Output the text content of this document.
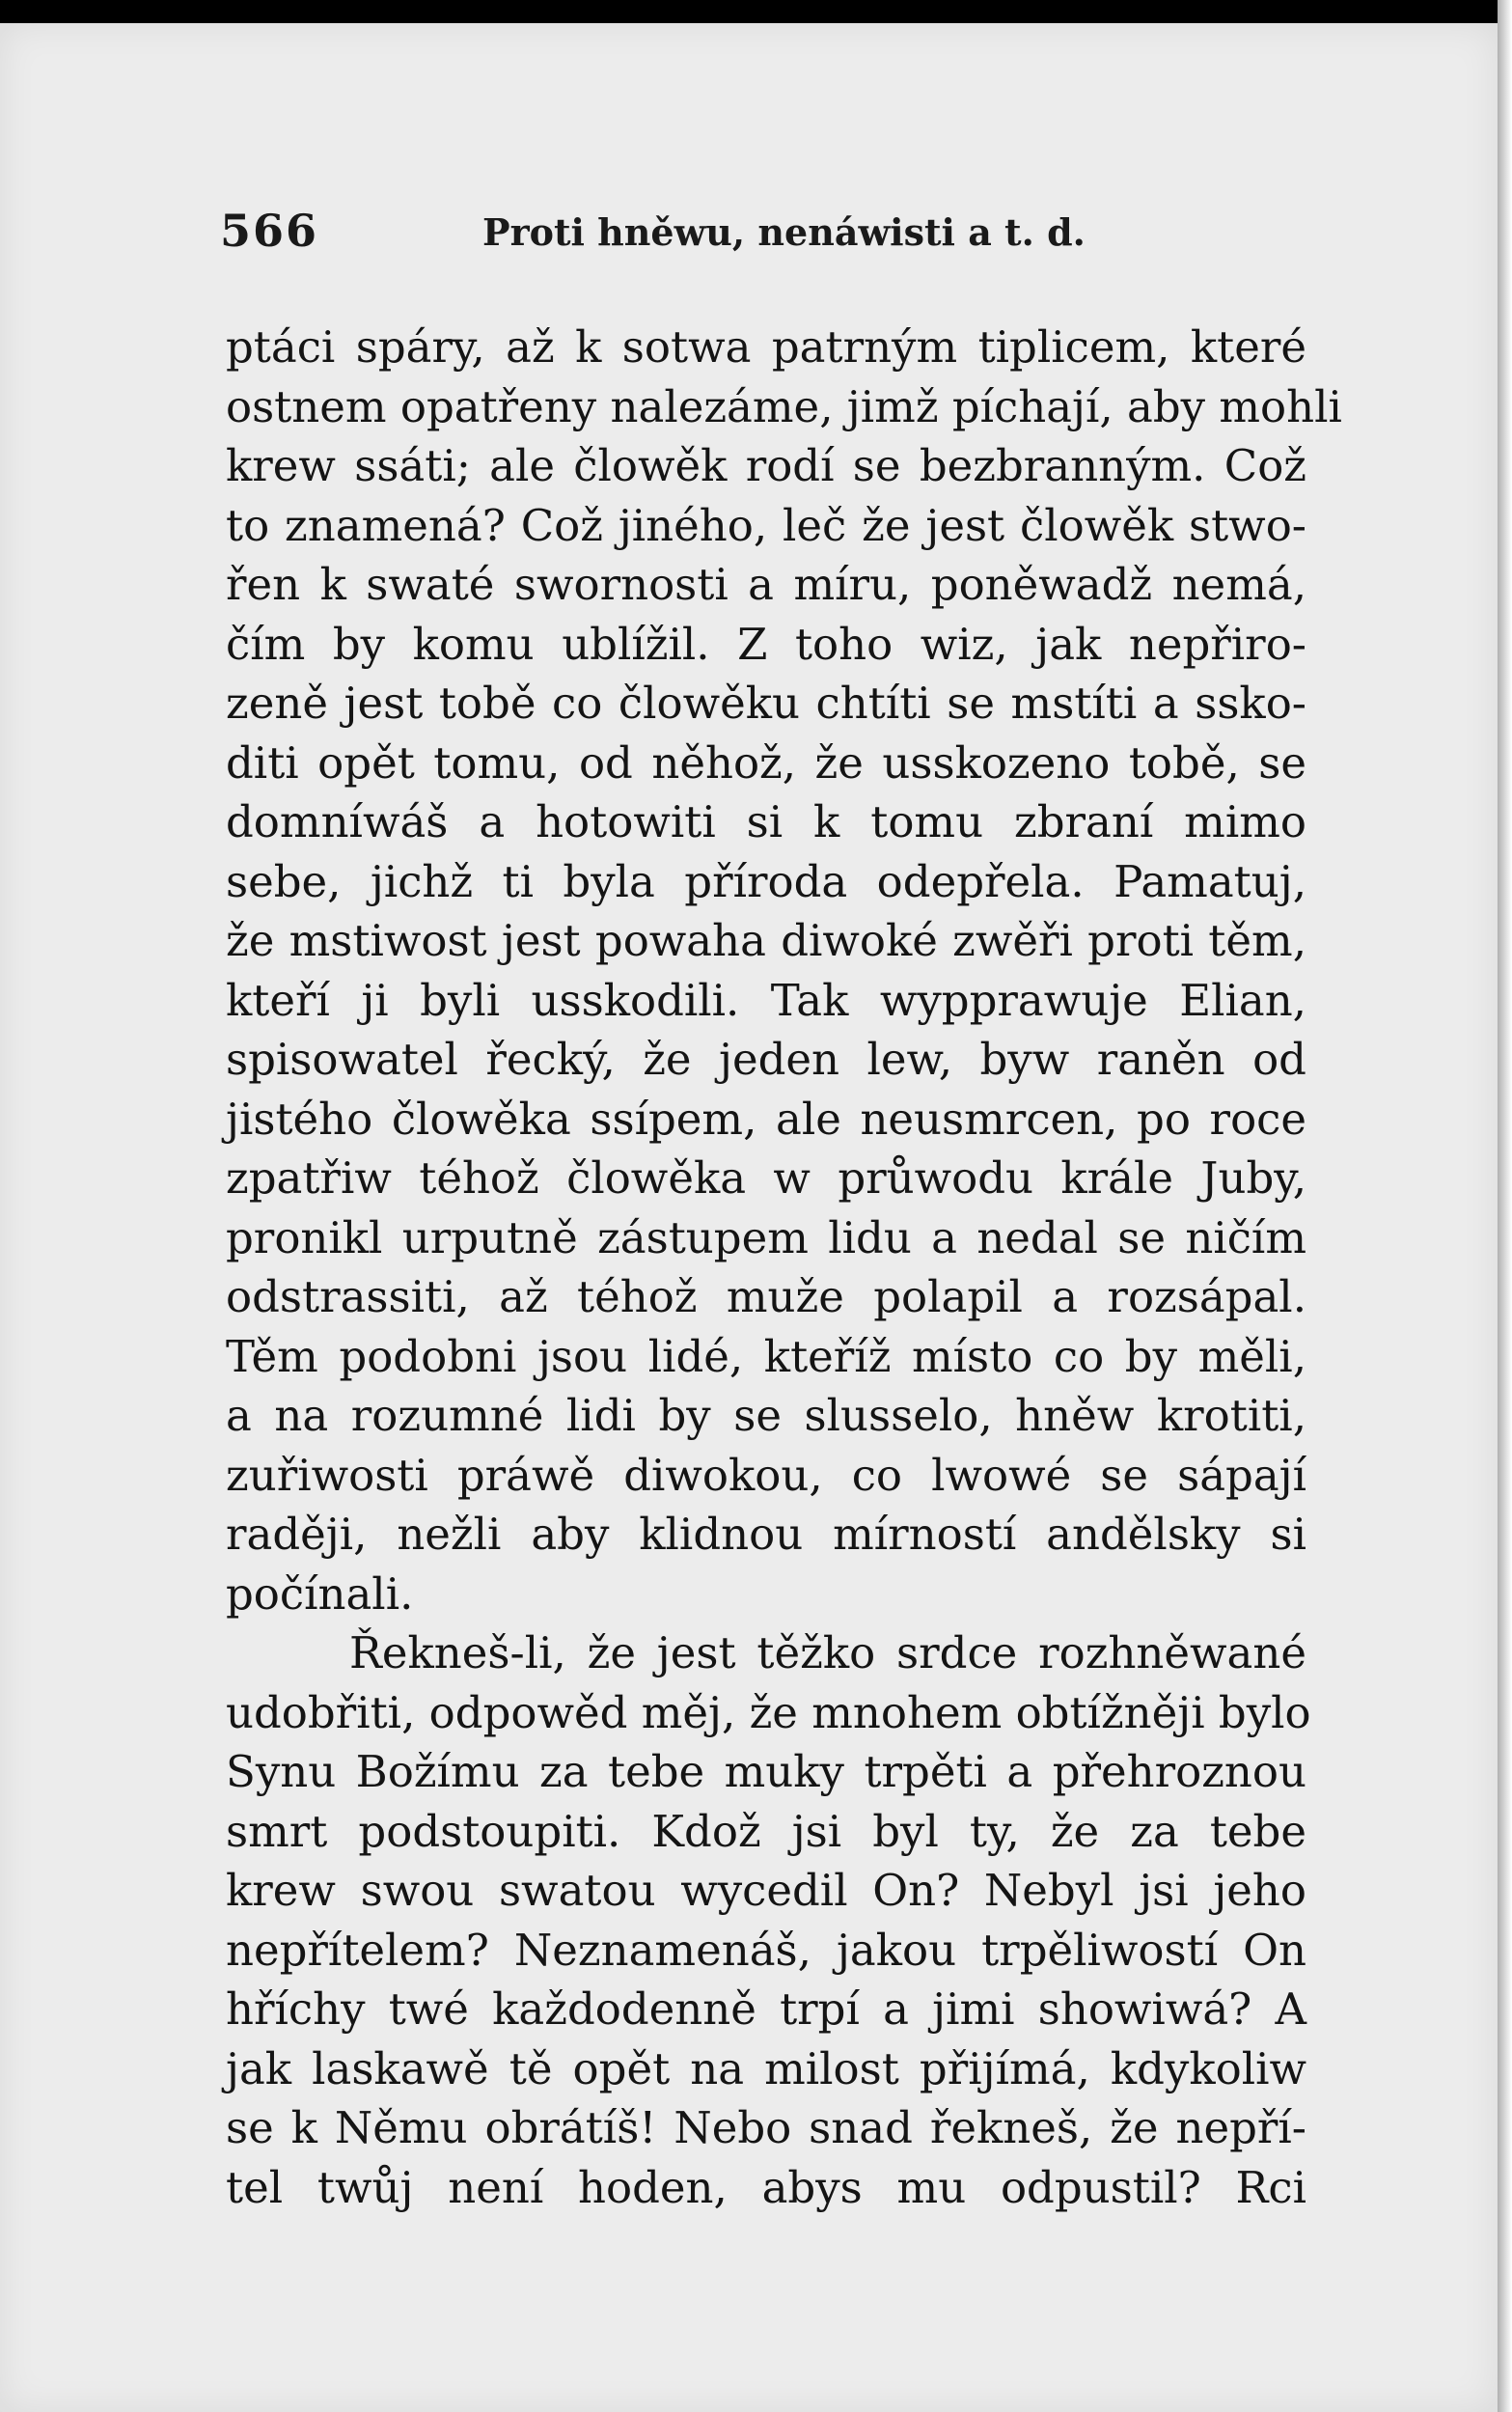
566	Proti hněwu, nenáwisti a t. d.
ptáci spáry, až k sotwa patrným tiplicem, které
ostnem opatřeny nalezáme, jimž píchají, aby mohli
krew ssáti; ale člowěk rodí se bezbranným. Což
to znamená? Což jiného, leč že jest člowěk stwo-
řen k swaté swornosti a míru, poněwadž nemá,
čím by komu ublížil. Z toho wiz, jak nepřiro-
zeně jest tobě co člowěku chtíti se mstíti a ssko-
diti opět tomu, od něhož, že usskozeno tobě, se
domníwáš a hotowiti si k tomu zbraní mimo
sebe, jichž ti byla příroda odepřela. Pamatuj,
že mstiwost jest powaha diwoké zwěři proti těm,
kteří ji byli usskodili. Tak wypprawuje Elian,
spisowatel řecký, že jeden lew, byw raněn od
jistého člowěka ssípem, ale neusmrcen, po roce
zpatřiw téhož člowěka w průwodu krále Juby,
pronikl urputně zástupem lidu a nedal se ničím
odstrassiti, až téhož muže polapil a rozsápal.
Těm podobni jsou lidé, kteříž místo co by měli,
a na rozumné lidi by se slusselo, hněw krotiti,
zuřiwosti práwě diwokou, co lwowé se sápají
raději, nežli aby klidnou mírností andělsky si
počínali.
Řekneš-li, že jest těžko srdce rozhněwané
udobřiti, odpowěd měj, že mnohem obtížněji bylo
Synu Božímu za tebe muky trpěti a přehroznou
smrt podstoupiti. Kdož jsi byl ty, že za tebe
krew swou swatou wycedil On? Nebyl jsi jeho
nepřítelem? Neznamenáš, jakou trpěliwostí On
hříchy twé každodenně trpí a jimi showiwá? A
jak laskawě tě opět na milost přijímá, kdykoliw
se k Němu obrátíš! Nebo snad řekneš, že nepří-
tel twůj není hoden, abys mu odpustil? Rci
